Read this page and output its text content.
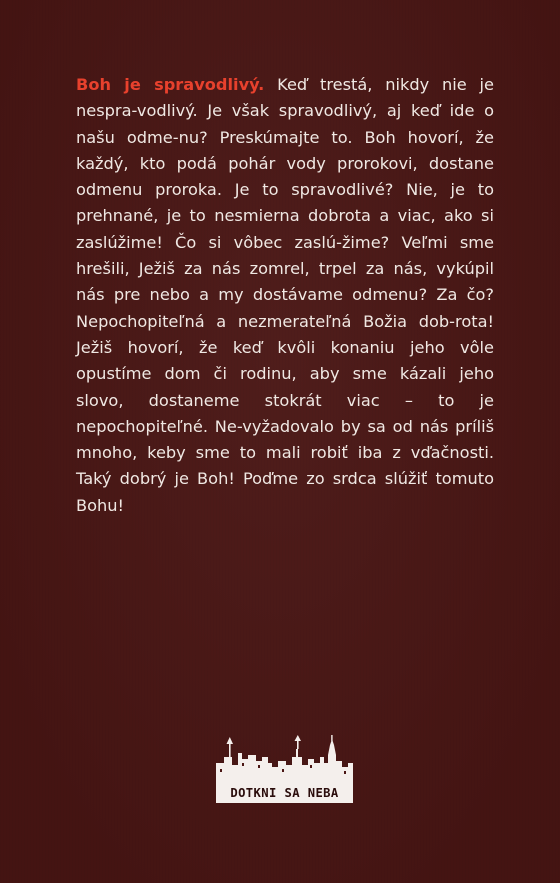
Boh je spravodlivý. Keď trestá, nikdy nie je nespra-vodlivý. Je však spravodlivý, aj keď ide o našu odme-nu? Preskúmajte to. Boh hovorí, že každý, kto podá pohár vody prorokovi, dostane odmenu proroka. Je to spravodlivé? Nie, je to prehnané, je to nesmierna dobrota a viac, ako si zaslúžime! Čo si vôbec zaslú-žime? Veľmi sme hrešili, Ježiš za nás zomrel, trpel za nás, vykúpil nás pre nebo a my dostávame odmenu? Za čo? Nepochopiteľná a nezmerateľná Božia dob-rota! Ježiš hovorí, že keď kvôli konaniu jeho vôle opustíme dom či rodinu, aby sme kázali jeho slovo, dostaneme stokrát viac – to je nepochopiteľné. Ne-vyžadovalo by sa od nás príliš mnoho, keby sme to mali robiť iba z vďačnosti. Taký dobrý je Boh! Poďme zo srdca slúžiť tomuto Bohu!

DOTKNI SA NEBA
